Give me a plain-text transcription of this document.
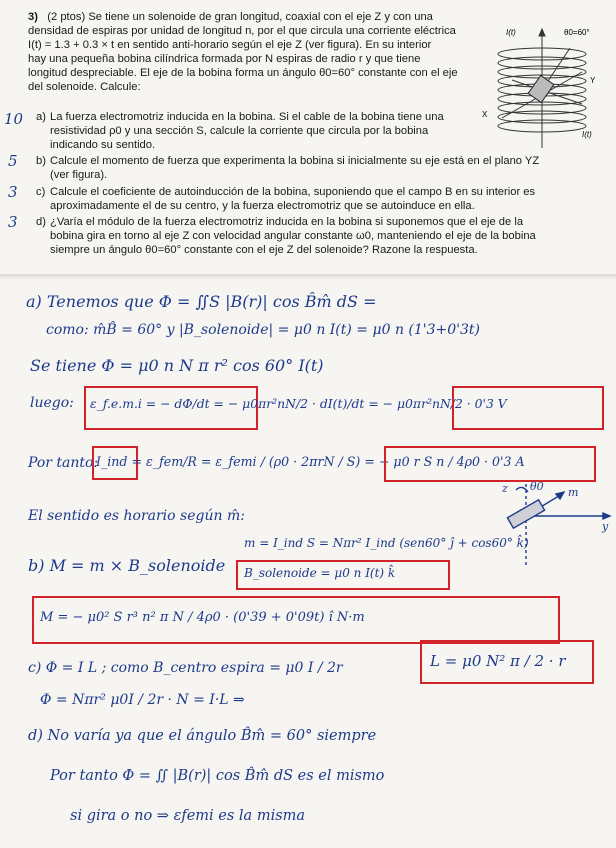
3) (2 ptos) Se tiene un solenoide de gran longitud, coaxial con el eje Z y con una
densidad de espiras por unidad de longitud n, por el que circula una corriente eléctrica
I(t) = 1.3 + 0.3 × t en sentido anti-horario según el eje Z (ver figura). En su interior
hay una pequeña bobina cilíndrica formada por N espiras de radio r y que tiene
longitud despreciable. El eje de la bobina forma un ángulo θ0=60° constante con el eje
del solenoide. Calcule:
a) La fuerza electromotriz inducida en la bobina. Si el cable de la bobina tiene una
resistividad ρ0 y una sección S, calcule la corriente que circula por la bobina
indicando su sentido.
b) Calcule el momento de fuerza que experimenta la bobina si inicialmente su eje está en el plano YZ
(ver figura).
c) Calcule el coeficiente de autoinducción de la bobina, suponiendo que el campo B en su interior es
aproximadamente el de su centro, y la fuerza electromotriz que se autoinduce en ella.
d) ¿Varía el módulo de la fuerza electromotriz inducida en la bobina si suponemos que el eje de la
bobina gira en torno al eje Z con velocidad angular constante ω0, manteniendo el eje de la bobina
siempre un ángulo θ0=60° constante con el eje Z del solenoide? Razone la respuesta.
10
5
3
3
I(t)	θ0=60°
Y
X
I(t)
a) Tenemos que Φ = ∬S |B(r)| cos B̂m̂ dS =
como: m̂B̂ = 60° y |B_solenoide| = μ0 n I(t) = μ0 n (1'3+0'3t)
Se tiene Φ = μ0 n N π r² cos 60° I(t)
luego: ε_f.e.m.i = − dΦ/dt = − μ0πr²nN/2 · dI(t)/dt = − μ0πr²nN/2 · 0'3 V
Por tanto:
I_ind = ε_fem/R = ε_femi / (ρ0 · 2πrN / S) = − μ0 r S n / 4ρ0 · 0'3 A
El sentido es horario según m̂:
z θ0 m
y
b) M = m × B_solenoide
m = I_ind S = Nπr² I_ind (sen60° ĵ + cos60° k̂)
B_solenoide = μ0 n I(t) k̂
M = − μ0² S r³ n² π N / 4ρ0 · (0'39 + 0'09t) î N·m
c) Φ = I L ; como B_centro espira = μ0 I / 2r
Φ = Nπr² μ0I / 2r · N = I·L ⇒
L = μ0 N² π / 2 · r
d) No varía ya que el ángulo B̂m̂ = 60° siempre
Por tanto Φ = ∬ |B(r)| cos B̂m̂ dS es el mismo
si gira o no ⇒ εfemi es la misma
